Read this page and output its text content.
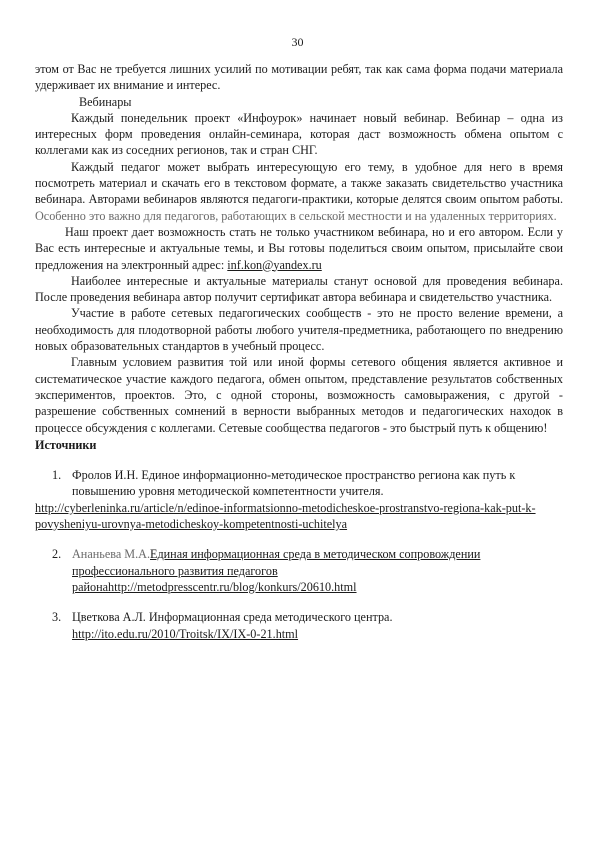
30

этом от Вас не требуется лишних усилий по мотивации ребят, так как сама форма подачи материала удерживает их внимание и интерес.

Вебинары

Каждый понедельник проект «Инфоурок» начинает новый вебинар. Вебинар – одна из интересных форм проведения онлайн-семинара, которая даст возможность обмена опытом с коллегами как из соседних регионов, так и стран СНГ.

Каждый педагог может выбрать интересующую его тему, в удобное для него в время посмотреть материал и скачать его в текстовом формате, а также заказать свидетельство участника вебинара. Авторами вебинаров являются педагоги-практики, которые делятся своим опытом работы. Особенно это важно для педагогов, работающих в сельской местности и на удаленных территориях.

Наш проект дает возможность стать не только участником вебинара, но и его автором. Если у Вас есть интересные и актуальные темы, и Вы готовы поделиться своим опытом, присылайте свои предложения на электронный адрес: inf.kon@yandex.ru

Наиболее интересные и актуальные материалы станут основой для проведения вебинара. После проведения вебинара автор получит сертификат автора вебинара и свидетельство участника.

Участие в работе сетевых педагогических сообществ - это не просто веление времени, а необходимость для плодотворной работы любого учителя-предметника, работающего по внедрению новых образовательных стандартов в учебный процесс.

Главным условием развития той или иной формы сетевого общения является активное и систематическое участие каждого педагога, обмен опытом, представление результатов собственных экспериментов, проектов. Это, с одной стороны, возможность самовыражения, с другой - разрешение собственных сомнений в верности выбранных методов и педагогических находок в процессе обсуждения с коллегами. Сетевые сообщества педагогов - это быстрый путь к общению!

Источники

1. Фролов И.Н. Единое информационно-методическое пространство региона как путь к повышению уровня методической компетентности учителя.
http://cyberleninka.ru/article/n/edinoe-informatsionno-metodicheskoe-prostranstvo-regiona-kak-put-k-povysheniyu-urovnya-metodicheskoy-kompetentnosti-uchitelya
2. Ананьева М.А.Единая информационная среда в методическом сопровождении профессионального развития педагогов
районаhttp://metodpresscentr.ru/blog/konkurs/20610.html
3. Цветкова А.Л. Информационная среда методического центра.
http://ito.edu.ru/2010/Troitsk/IX/IX-0-21.html
